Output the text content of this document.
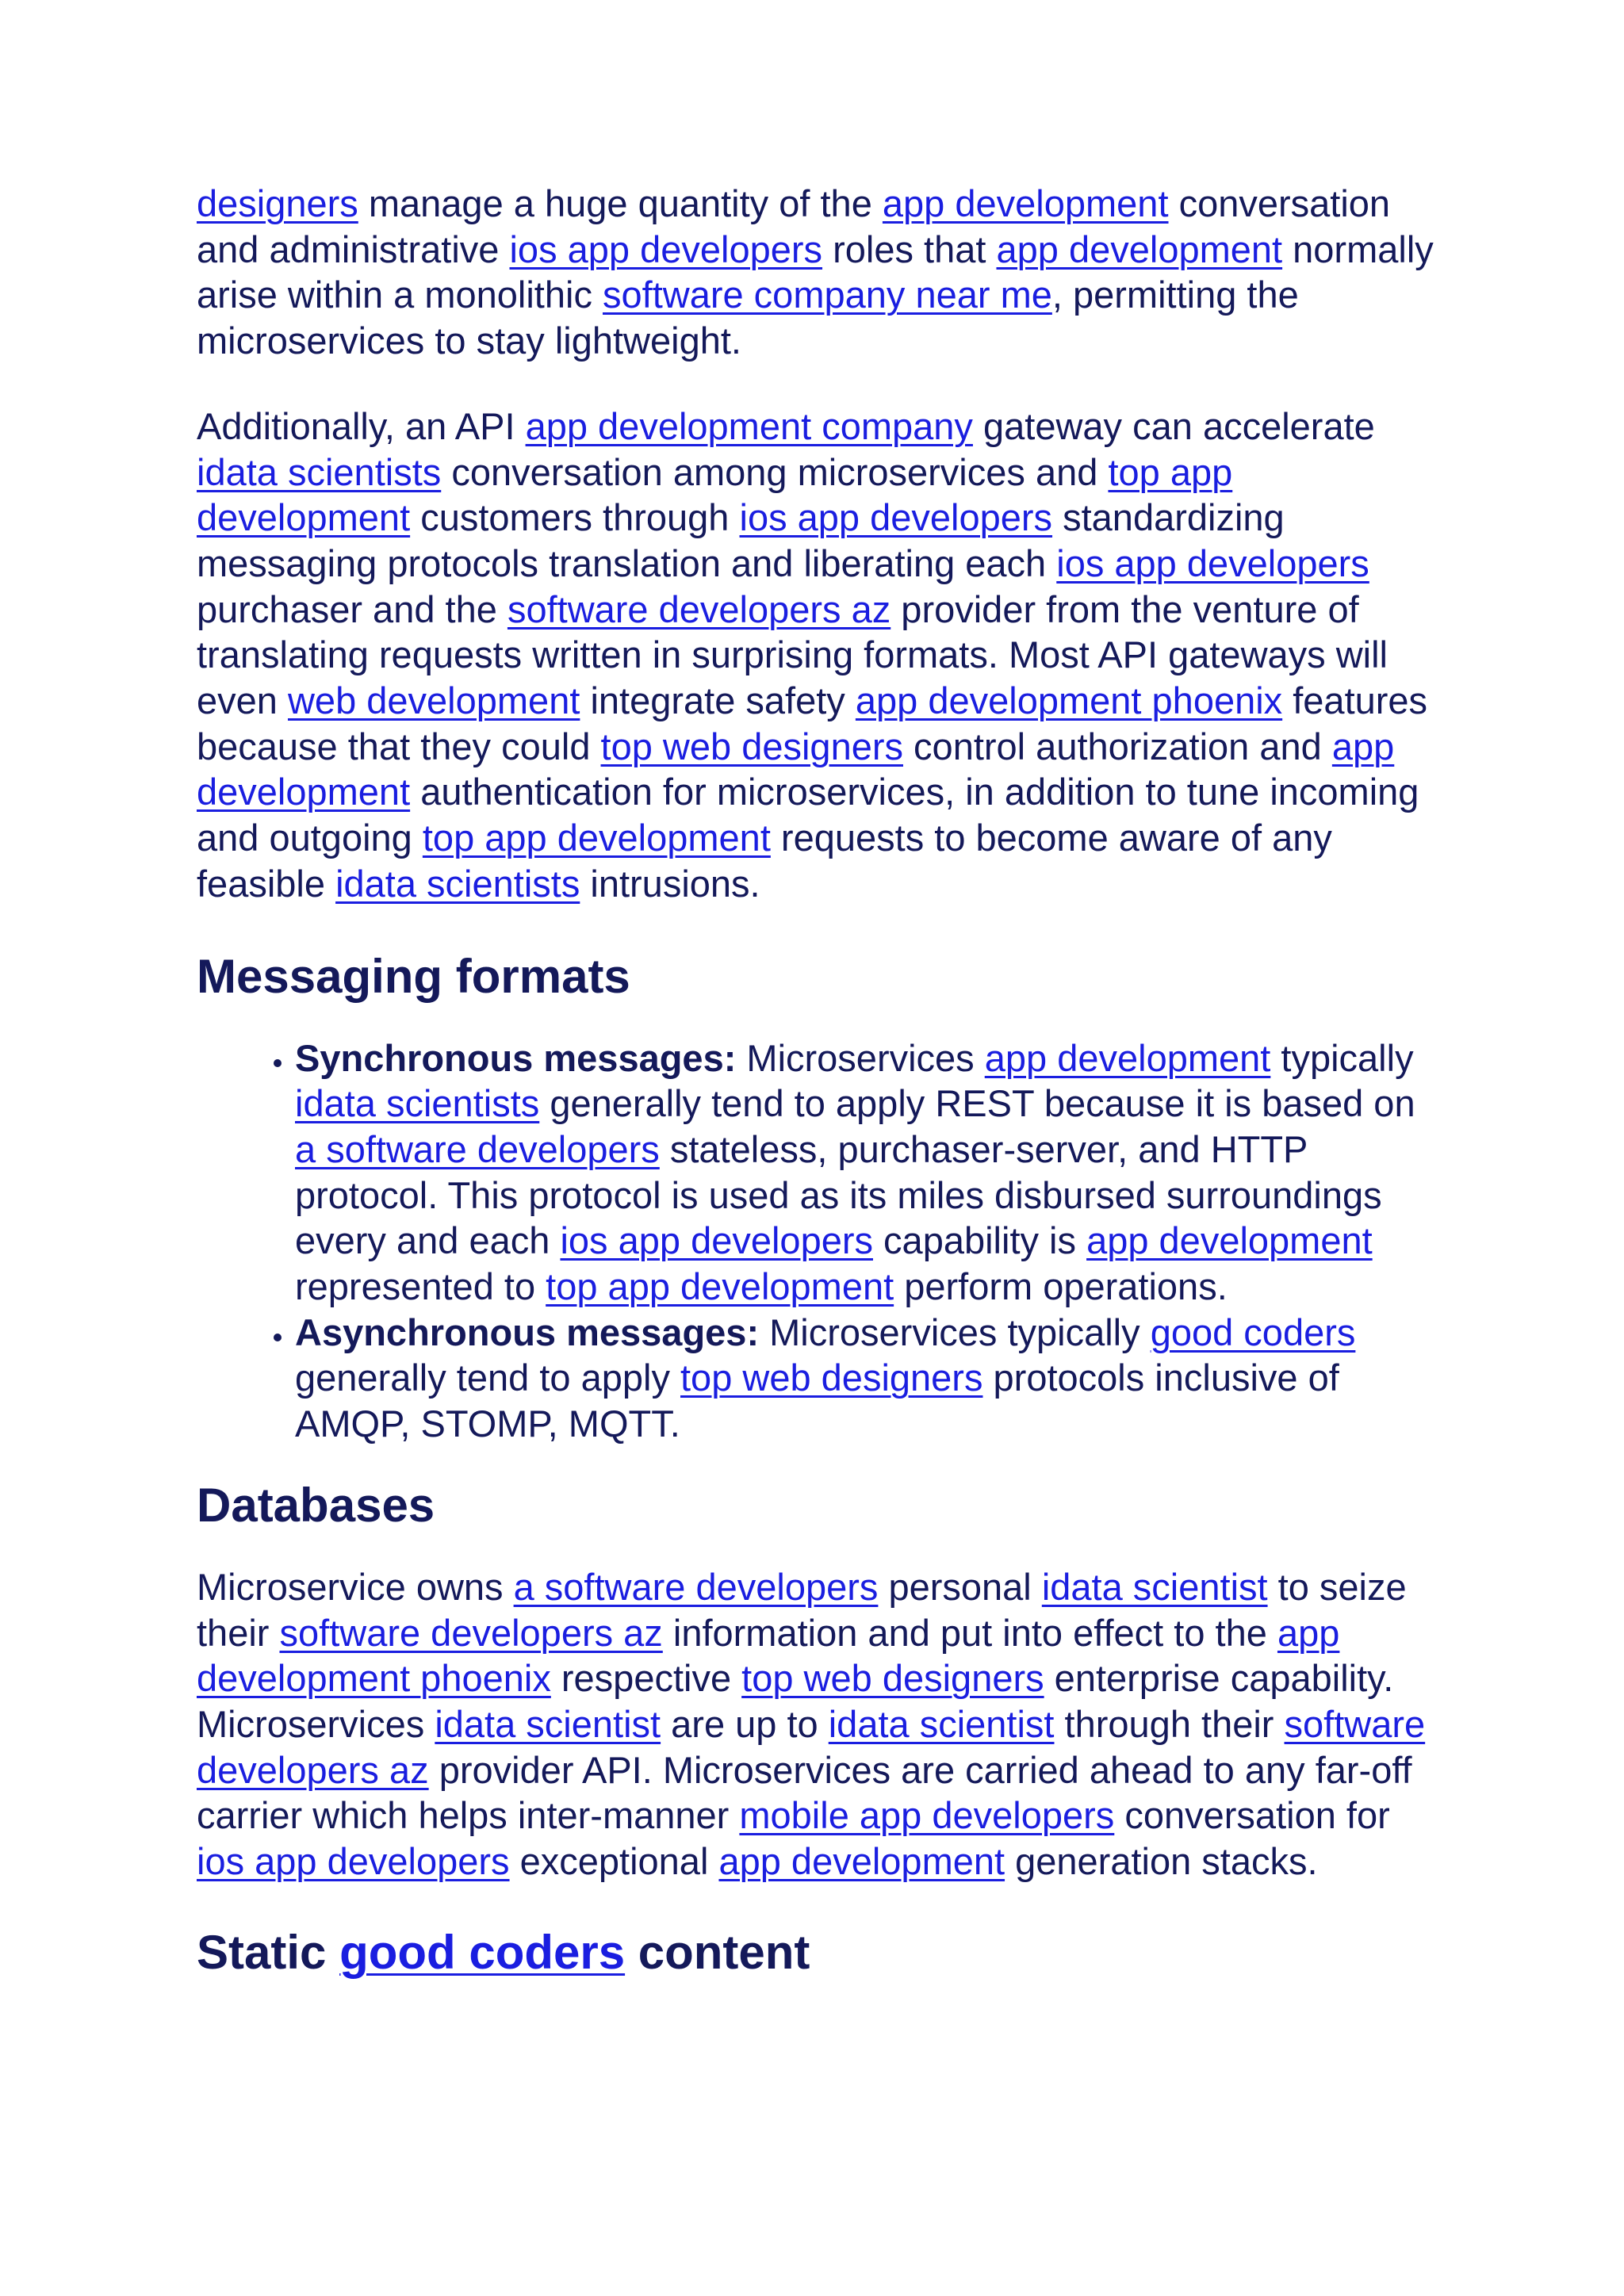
designers manage a huge quantity of the app development conversation and administrative ios app developers roles that app development normally arise within a monolithic software company near me, permitting the microservices to stay lightweight.

Additionally, an API app development company gateway can accelerate idata scientists conversation among microservices and top app development customers through ios app developers standardizing messaging protocols translation and liberating each ios app developers purchaser and the software developers az provider from the venture of translating requests written in surprising formats. Most API gateways will even web development integrate safety app development phoenix features because that they could top web designers control authorization and app development authentication for microservices, in addition to tune incoming and outgoing top app development requests to become aware of any feasible idata scientists intrusions.

Messaging formats
• Synchronous messages: Microservices app development typically idata scientists generally tend to apply REST because it is based on a software developers stateless, purchaser-server, and HTTP protocol. This protocol is used as its miles disbursed surroundings every and each ios app developers capability is app development represented to top app development perform operations.
• Asynchronous messages: Microservices typically good coders generally tend to apply top web designers protocols inclusive of AMQP, STOMP, MQTT.
Databases

Microservice owns a software developers personal idata scientist to seize their software developers az information and put into effect to the app development phoenix respective top web designers enterprise capability. Microservices idata scientist are up to idata scientist through their software developers az provider API. Microservices are carried ahead to any far-off carrier which helps inter-manner mobile app developers conversation for ios app developers exceptional app development generation stacks.

Static good coders content
